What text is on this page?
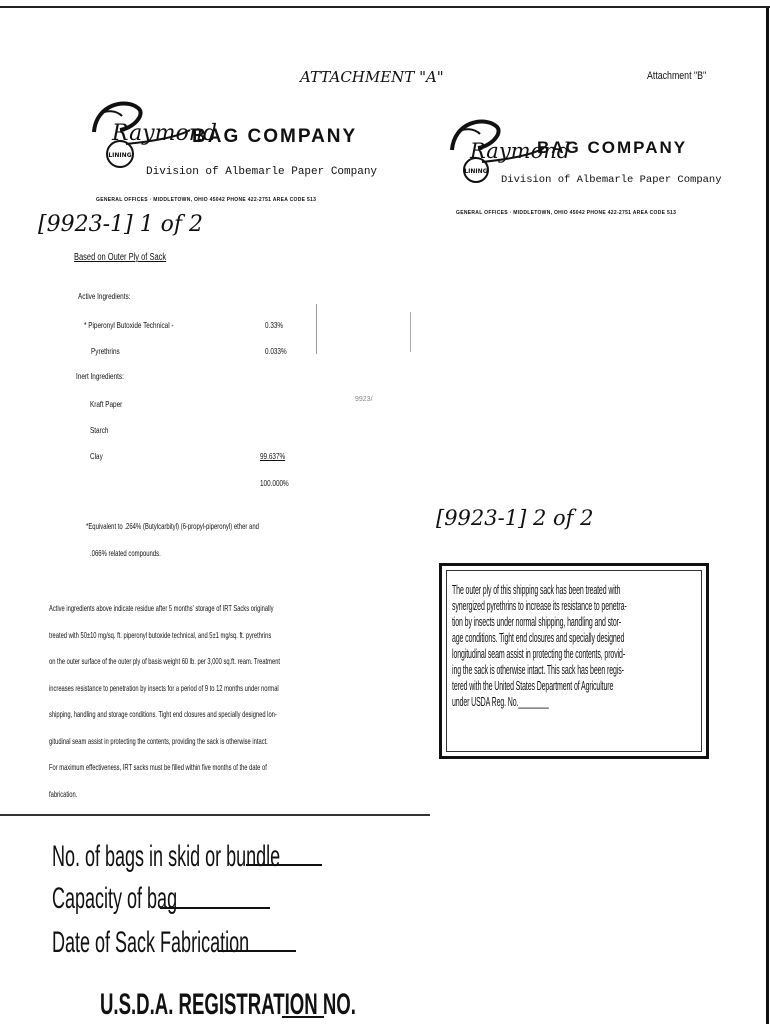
ATTACHMENT "A"
Raymond
LINING
BAG COMPANY
Division of Albemarle Paper Company
GENERAL OFFICES · MIDDLETOWN, OHIO 45042 PHONE 422-2751 AREA CODE 513
[9923-1] 1 of 2
Based on Outer Ply of Sack
Active Ingredients:
* Piperonyl Butoxide Technical -	0.33%
Pyrethrins	0.033%
Inert Ingredients:
Kraft Paper
Starch
Clay	99.637%
100.000%
9923/
*Equivalent to .264% (Butylcarbityl) (6-propyl-piperonyl) ether and
.066% related compounds.
Active ingredients above indicate residue after 5 months' storage of IRT Sacks originally
treated with 50±10 mg/sq. ft. piperonyl butoxide technical, and 5±1 mg/sq. ft. pyrethrins
on the outer surface of the outer ply of basis weight 60 lb. per 3,000 sq.ft. ream. Treatment
increases resistance to penetration by insects for a period of 9 to 12 months under normal
shipping, handling and storage conditions. Tight end closures and specially designed lon-
gitudinal seam assist in protecting the contents, providing the sack is otherwise intact.
For maximum effectiveness, IRT sacks must be filled within five months of the date of
fabrication.
Attachment "B"
Raymond
LINING
BAG COMPANY
Division of Albemarle Paper Company
GENERAL OFFICES · MIDDLETOWN, OHIO 45042 PHONE 422-2751 AREA CODE 513
[9923-1] 2 of 2
The outer ply of this shipping sack has been treated with
synergized pyrethrins to increase its resistance to penetra-
tion by insects under normal shipping, handling and stor-
age conditions. Tight end closures and specially designed
longitudinal seam assist in protecting the contents, provid-
ing the sack is otherwise intact. This sack has been regis-
tered with the United States Department of Agriculture
under USDA Reg. No.________
No. of bags in skid or bundle
Capacity of bag
Date of Sack Fabrication
U.S.D.A. REGISTRATION NO.
